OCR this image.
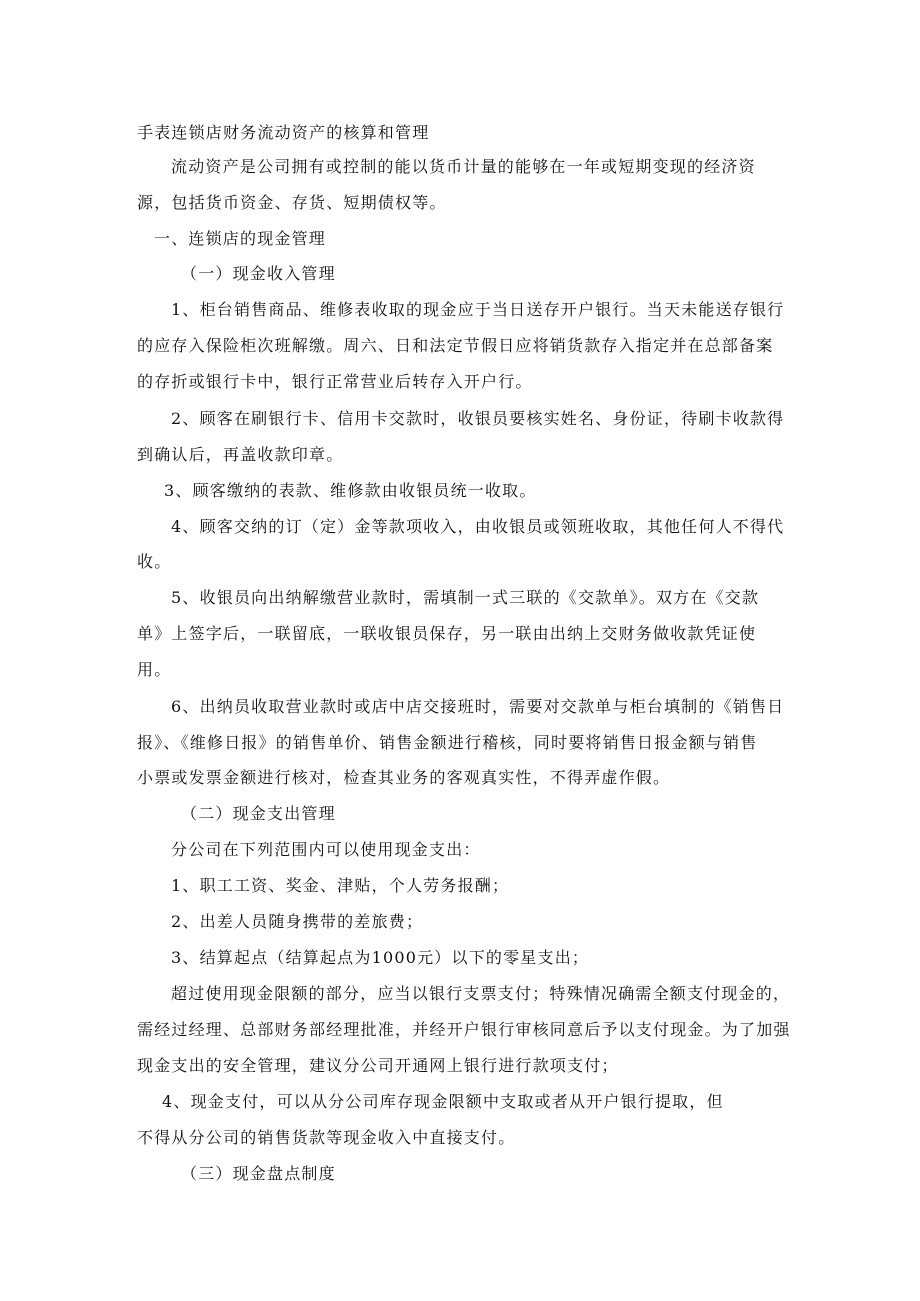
手表连锁店财务流动资产的核算和管理
流动资产是公司拥有或控制的能以货币计量的能够在一年或短期变现的经济资
源，包括货币资金、存货、短期债权等。
一、连锁店的现金管理
（一）现金收入管理
1、柜台销售商品、维修表收取的现金应于当日送存开户银行。当天未能送存银行
的应存入保险柜次班解缴。周六、日和法定节假日应将销货款存入指定并在总部备案
的存折或银行卡中，银行正常营业后转存入开户行。
2、顾客在刷银行卡、信用卡交款时，收银员要核实姓名、身份证，待刷卡收款得
到确认后，再盖收款印章。
3、顾客缴纳的表款、维修款由收银员统一收取。
4、顾客交纳的订（定）金等款项收入，由收银员或领班收取，其他任何人不得代
收。
5、收银员向出纳解缴营业款时，需填制一式三联的《交款单》。双方在《交款
单》上签字后，一联留底，一联收银员保存，另一联由出纳上交财务做收款凭证使
用。
6、出纳员收取营业款时或店中店交接班时，需要对交款单与柜台填制的《销售日
报》、《维修日报》的销售单价、销售金额进行稽核，同时要将销售日报金额与销售
小票或发票金额进行核对，检查其业务的客观真实性，不得弄虚作假。
（二）现金支出管理
分公司在下列范围内可以使用现金支出：
1、职工工资、奖金、津贴，个人劳务报酬；
2、出差人员随身携带的差旅费；
3、结算起点（结算起点为1000元）以下的零星支出；
超过使用现金限额的部分，应当以银行支票支付；特殊情况确需全额支付现金的，
需经过经理、总部财务部经理批准，并经开户银行审核同意后予以支付现金。为了加强
现金支出的安全管理，建议分公司开通网上银行进行款项支付；
4、现金支付，可以从分公司库存现金限额中支取或者从开户银行提取，但
不得从分公司的销售货款等现金收入中直接支付。
（三）现金盘点制度
